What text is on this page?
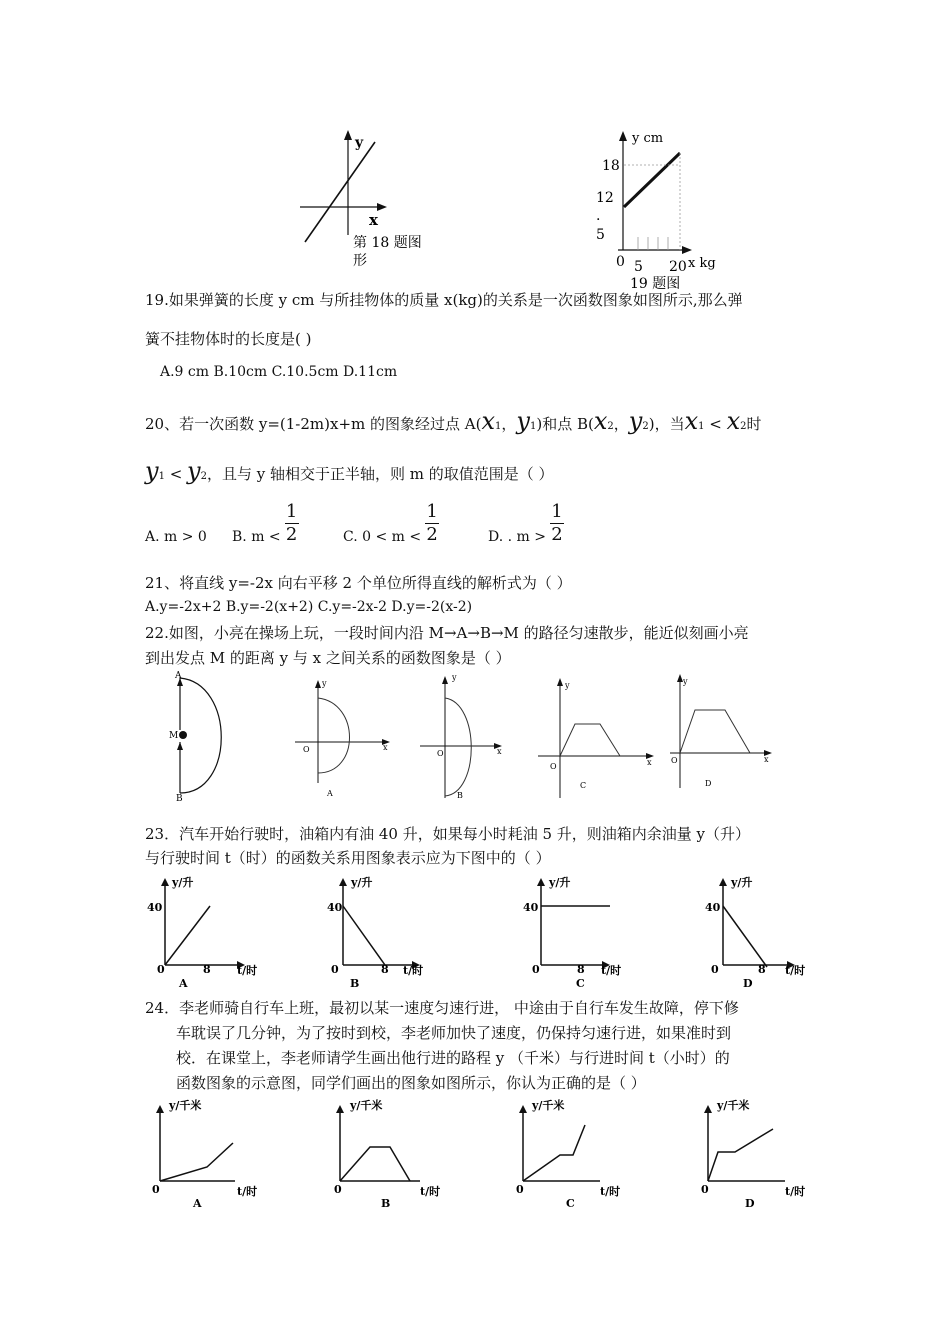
y
x
第 18 题图
形
y cm
18
12
.
5
0 5 20 x kg
19 题图
19.如果弹簧的长度 y cm 与所挂物体的质量 x(kg)的关系是一次函数图象如图所示,那么弹
簧不挂物体时的长度是( )
A.9 cm B.10cm C.10.5cm D.11cm
20、若一次函数 y=(1-2m)x+m 的图象经过点 A(x1，y1)和点 B(x2，y2)，当x1 < x2时
y1 < y2，且与 y 轴相交于正半轴，则 m 的取值范围是（ ）
A. m > 0 B. $m < \frac{1}{2}$	C. $0 < m < \frac{1}{2}$	D. . $m > \frac{1}{2}$
21、将直线 y=-2x 向右平移 2 个单位所得直线的解析式为（ ）
A.y=-2x+2 B.y=-2(x+2) C.y=-2x-2 D.y=-2(x-2)
22.如图，小亮在操场上玩，一段时间内沿 M→A→B→M 的路径匀速散步，能近似刻画小亮
到出发点 M 的距离 y 与 x 之间关系的函数图象是（ ）
A
M
B
y
x
O
A
y
x
O
B
y
x
O
C
y
x
O
D
23．汽车开始行驶时，油箱内有油 40 升，如果每小时耗油 5 升，则油箱内余油量 y（升）
与行驶时间 t（时）的函数关系用图象表示应为下图中的（ ）
y/升
40
0	8 t/时
A
y/升
40
0	8 t/时
B
y/升
40
0	8 t/时
C
y/升
40
0	8 t/时
D
24．李老师骑自行车上班，最初以某一速度匀速行进， 中途由于自行车发生故障，停下修
车耽误了几分钟，为了按时到校，李老师加快了速度，仍保持匀速行进，如果准时到
校．在课堂上，李老师请学生画出他行进的路程 y （千米）与行进时间 t（小时）的
函数图象的示意图，同学们画出的图象如图所示，你认为正确的是（ ）
y/千米
0	t/时
A
y/千米
0	t/时
B
y/千米
0	t/时
C
y/千米
0	t/时
D
